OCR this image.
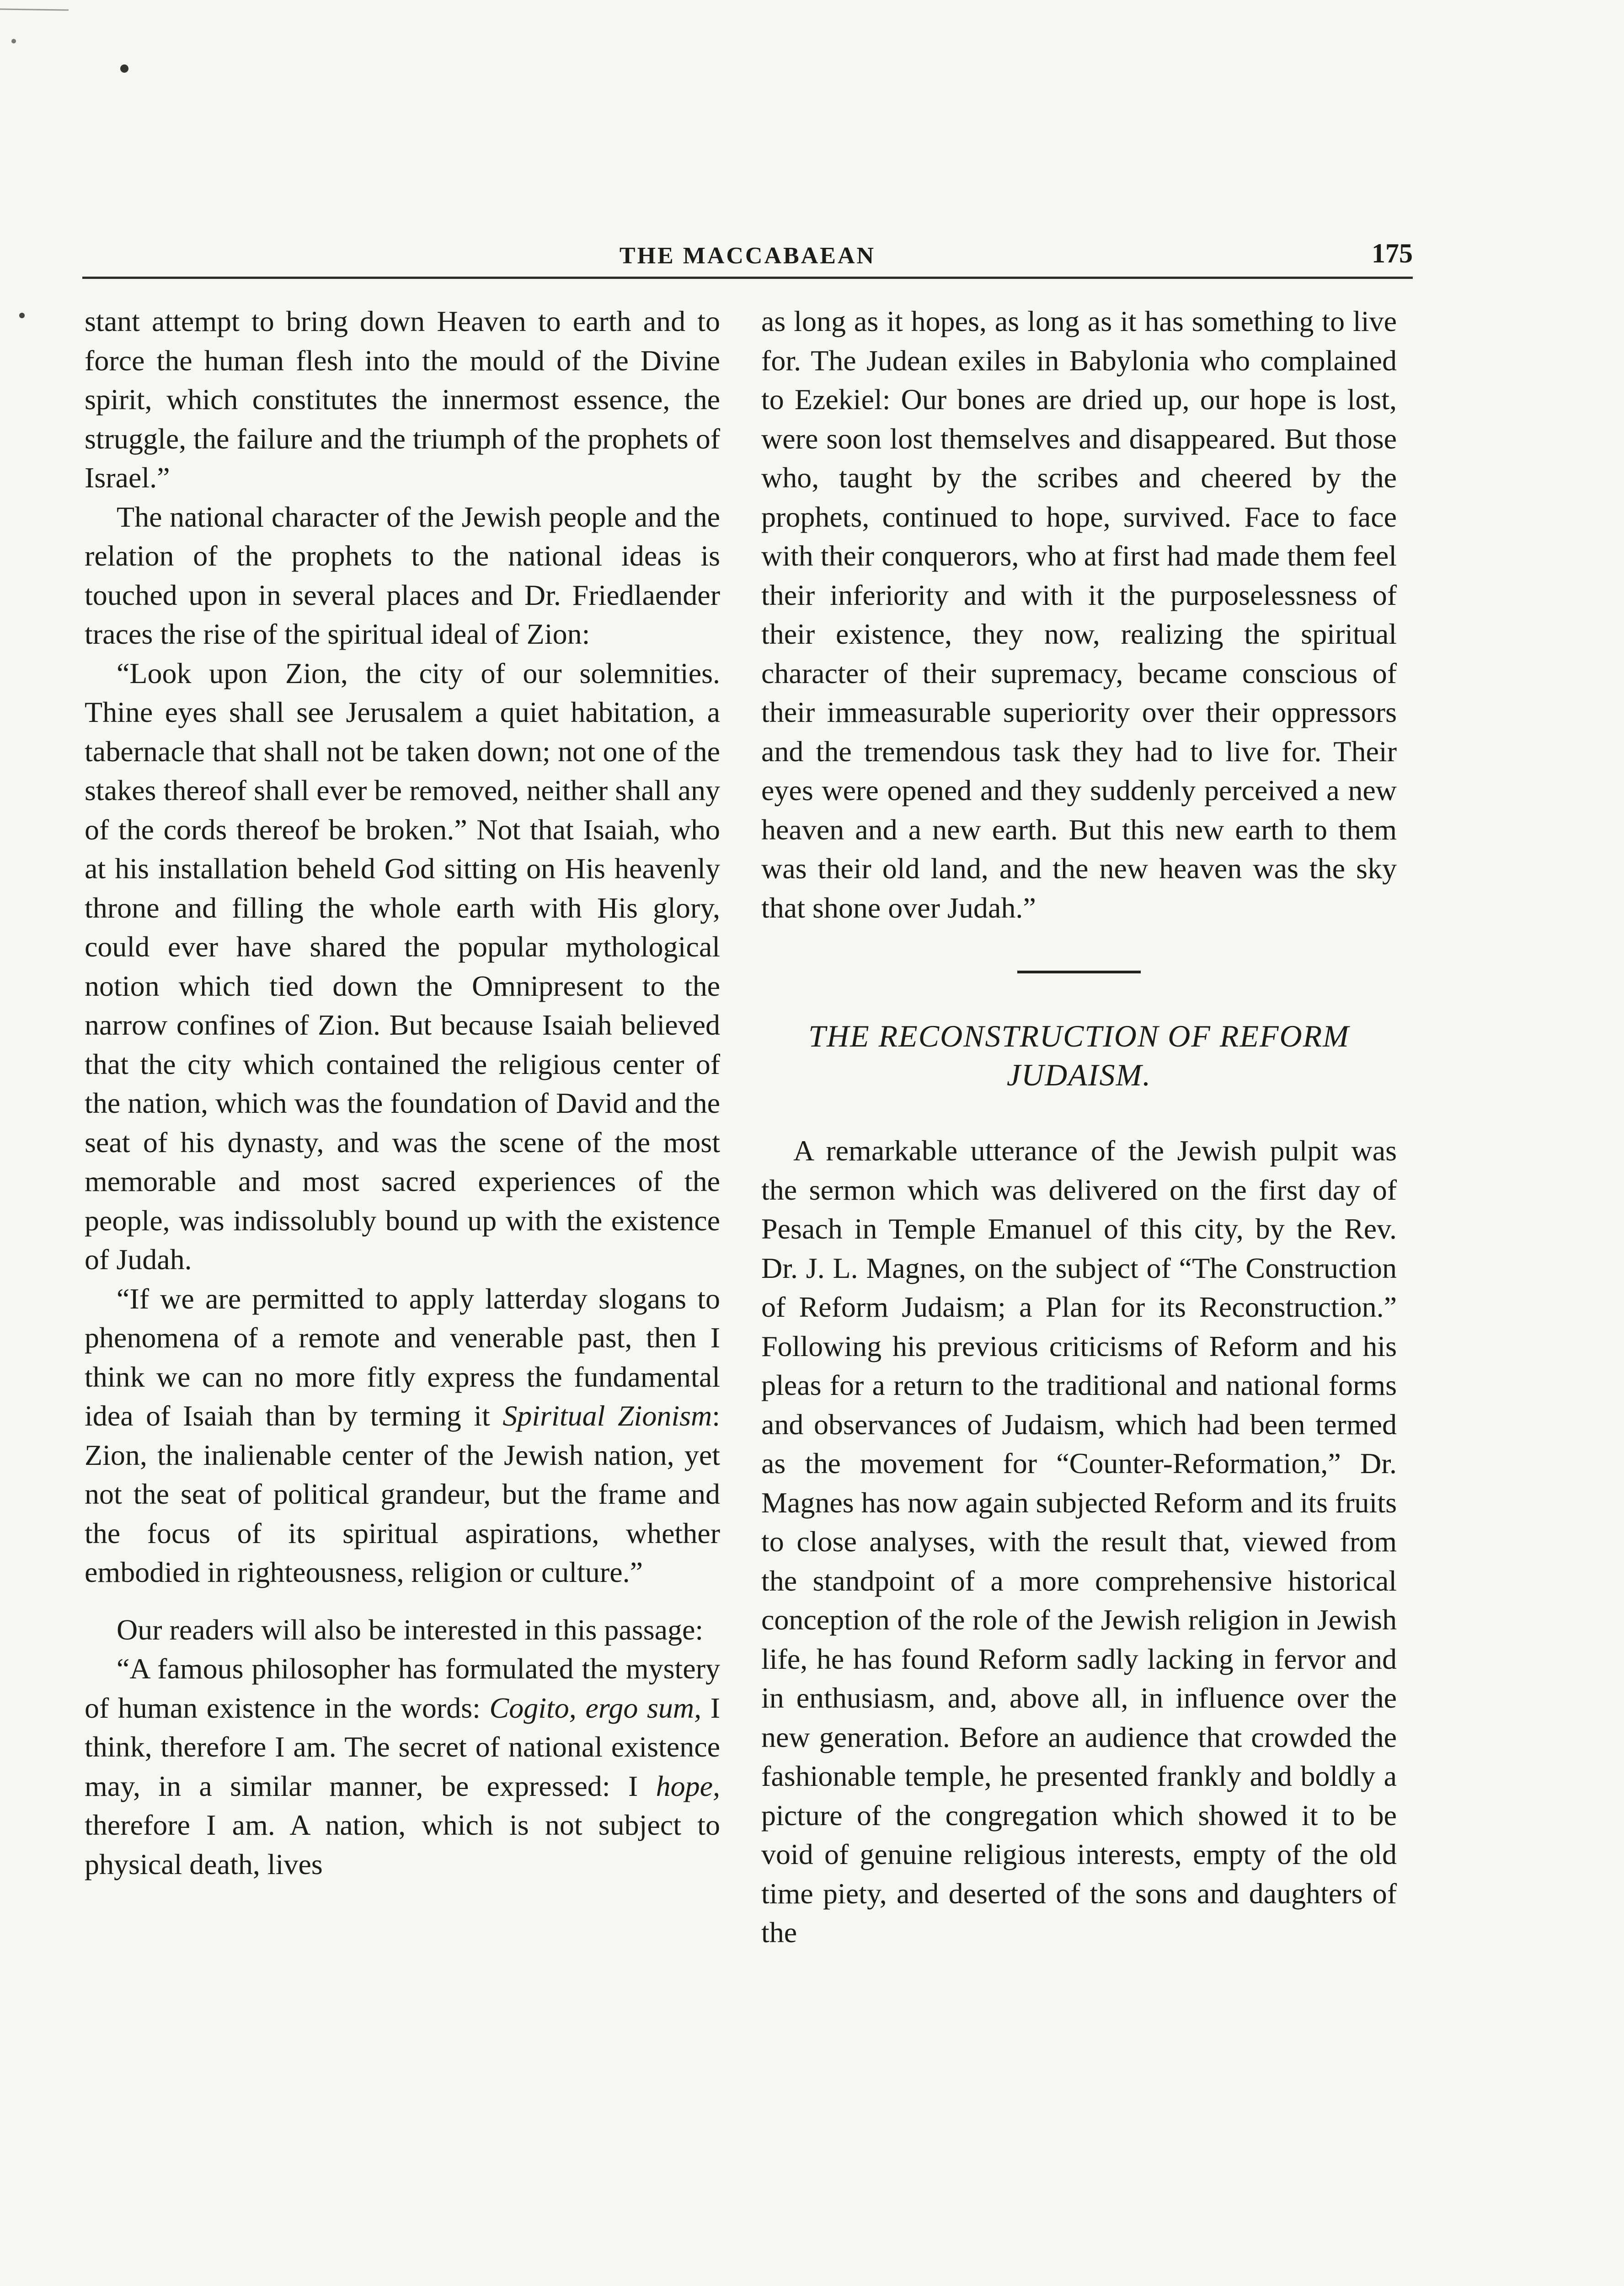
THE MACCABAEAN	175

stant attempt to bring down Heaven to earth and to force the human flesh into the mould of the Divine spirit, which constitutes the innermost essence, the struggle, the failure and the triumph of the prophets of Israel.”

The national character of the Jewish people and the relation of the prophets to the national ideas is touched upon in several places and Dr. Friedlaender traces the rise of the spiritual ideal of Zion:

“Look upon Zion, the city of our solemnities. Thine eyes shall see Jerusalem a quiet habitation, a tabernacle that shall not be taken down; not one of the stakes thereof shall ever be removed, neither shall any of the cords thereof be broken.” Not that Isaiah, who at his installation beheld God sitting on His heavenly throne and filling the whole earth with His glory, could ever have shared the popular mythological notion which tied down the Omnipresent to the narrow confines of Zion. But because Isaiah believed that the city which contained the religious center of the nation, which was the foundation of David and the seat of his dynasty, and was the scene of the most memorable and most sacred experiences of the people, was indissolubly bound up with the existence of Judah.

“If we are permitted to apply latterday slogans to phenomena of a remote and venerable past, then I think we can no more fitly express the fundamental idea of Isaiah than by terming it Spiritual Zionism: Zion, the inalienable center of the Jewish nation, yet not the seat of political grandeur, but the frame and the focus of its spiritual aspirations, whether embodied in righteousness, religion or culture.”

Our readers will also be interested in this passage:

“A famous philosopher has formulated the mystery of human existence in the words: Cogito, ergo sum, I think, therefore I am. The secret of national existence may, in a similar manner, be expressed: I hope, therefore I am. A nation, which is not subject to physical death, lives

as long as it hopes, as long as it has something to live for. The Judean exiles in Babylonia who complained to Ezekiel: Our bones are dried up, our hope is lost, were soon lost themselves and disappeared. But those who, taught by the scribes and cheered by the prophets, continued to hope, survived. Face to face with their conquerors, who at first had made them feel their inferiority and with it the purposelessness of their existence, they now, realizing the spiritual character of their supremacy, became conscious of their immeasurable superiority over their oppressors and the tremendous task they had to live for. Their eyes were opened and they suddenly perceived a new heaven and a new earth. But this new earth to them was their old land, and the new heaven was the sky that shone over Judah.”

THE RECONSTRUCTION OF REFORM
JUDAISM.

A remarkable utterance of the Jewish pulpit was the sermon which was delivered on the first day of Pesach in Temple Emanuel of this city, by the Rev. Dr. J. L. Magnes, on the subject of “The Construction of Reform Judaism; a Plan for its Reconstruction.” Following his previous criticisms of Reform and his pleas for a return to the traditional and national forms and observances of Judaism, which had been termed as the movement for “Counter-Reformation,” Dr. Magnes has now again subjected Reform and its fruits to close analyses, with the result that, viewed from the standpoint of a more comprehensive historical conception of the role of the Jewish religion in Jewish life, he has found Reform sadly lacking in fervor and in enthusiasm, and, above all, in influence over the new generation. Before an audience that crowded the fashionable temple, he presented frankly and boldly a picture of the congregation which showed it to be void of genuine religious interests, empty of the old time piety, and deserted of the sons and daughters of the
